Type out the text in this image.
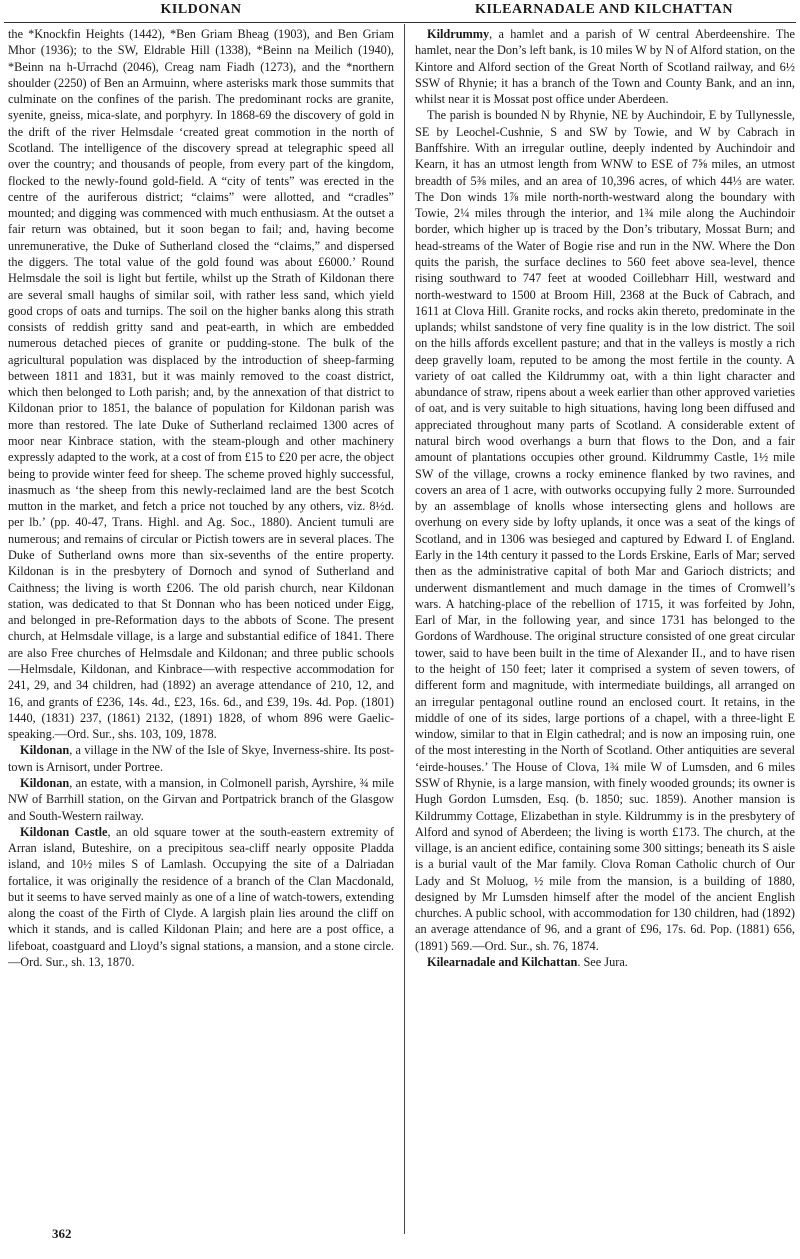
KILDONAN	KILEARNADALE AND KILCHATTAN

the *Knockfin Heights (1442), *Ben Griam Bheag (1903), and Ben Griam Mhor (1936); to the SW, Eldrable Hill (1338), *Beinn na Meilich (1940), *Beinn na h-Urrachd (2046), Creag nam Fiadh (1273), and the *northern shoulder (2250) of Ben an Armuinn, where asterisks mark those summits that culminate on the confines of the parish. The predominant rocks are granite, syenite, gneiss, mica-slate, and porphyry. In 1868-69 the discovery of gold in the drift of the river Helmsdale ‘created great commotion in the north of Scotland. The intelligence of the discovery spread at telegraphic speed all over the country; and thousands of people, from every part of the kingdom, flocked to the newly-found gold-field. A “city of tents” was erected in the centre of the auriferous district; “claims” were allotted, and “cradles” mounted; and digging was commenced with much enthusiasm. At the outset a fair return was obtained, but it soon began to fail; and, having become unremunerative, the Duke of Sutherland closed the “claims,” and dispersed the diggers. The total value of the gold found was about £6000.’ Round Helmsdale the soil is light but fertile, whilst up the Strath of Kildonan there are several small haughs of similar soil, with rather less sand, which yield good crops of oats and turnips. The soil on the higher banks along this strath consists of reddish gritty sand and peat-earth, in which are embedded numerous detached pieces of granite or pudding-stone. The bulk of the agricultural population was displaced by the introduction of sheep-farming between 1811 and 1831, but it was mainly removed to the coast district, which then belonged to Loth parish; and, by the annexation of that district to Kildonan prior to 1851, the balance of population for Kildonan parish was more than restored. The late Duke of Sutherland reclaimed 1300 acres of moor near Kinbrace station, with the steam-plough and other machinery expressly adapted to the work, at a cost of from £15 to £20 per acre, the object being to provide winter feed for sheep. The scheme proved highly successful, inasmuch as ‘the sheep from this newly-reclaimed land are the best Scotch mutton in the market, and fetch a price not touched by any others, viz. 8½d. per lb.’ (pp. 40-47, Trans. Highl. and Ag. Soc., 1880). Ancient tumuli are numerous; and remains of circular or Pictish towers are in several places. The Duke of Sutherland owns more than six-sevenths of the entire property. Kildonan is in the presbytery of Dornoch and synod of Sutherland and Caithness; the living is worth £206. The old parish church, near Kildonan station, was dedicated to that St Donnan who has been noticed under Eigg, and belonged in pre-Reformation days to the abbots of Scone. The present church, at Helmsdale village, is a large and substantial edifice of 1841. There are also Free churches of Helmsdale and Kildonan; and three public schools—Helmsdale, Kildonan, and Kinbrace—with respective accommodation for 241, 29, and 34 children, had (1892) an average attendance of 210, 12, and 16, and grants of £236, 14s. 4d., £23, 16s. 6d., and £39, 19s. 4d. Pop. (1801) 1440, (1831) 237, (1861) 2132, (1891) 1828, of whom 896 were Gaelic-speaking.—Ord. Sur., shs. 103, 109, 1878.

Kildonan, a village in the NW of the Isle of Skye, Inverness-shire. Its post-town is Arnisort, under Portree.

Kildonan, an estate, with a mansion, in Colmonell parish, Ayrshire, ¾ mile NW of Barrhill station, on the Girvan and Portpatrick branch of the Glasgow and South-Western railway.

Kildonan Castle, an old square tower at the south-eastern extremity of Arran island, Buteshire, on a precipitous sea-cliff nearly opposite Pladda island, and 10½ miles S of Lamlash. Occupying the site of a Dalriadan fortalice, it was originally the residence of a branch of the Clan Macdonald, but it seems to have served mainly as one of a line of watch-towers, extending along the coast of the Firth of Clyde. A largish plain lies around the cliff on which it stands, and is called Kildonan Plain; and here are a post office, a lifeboat, coastguard and Lloyd’s signal stations, a mansion, and a stone circle.—Ord. Sur., sh. 13, 1870.

Kildrummy, a hamlet and a parish of W central Aberdeenshire. The hamlet, near the Don’s left bank, is 10 miles W by N of Alford station, on the Kintore and Alford section of the Great North of Scotland railway, and 6½ SSW of Rhynie; it has a branch of the Town and County Bank, and an inn, whilst near it is Mossat post office under Aberdeen.

The parish is bounded N by Rhynie, NE by Auchindoir, E by Tullynessle, SE by Leochel-Cushnie, S and SW by Towie, and W by Cabrach in Banffshire. With an irregular outline, deeply indented by Auchindoir and Kearn, it has an utmost length from WNW to ESE of 7⅝ miles, an utmost breadth of 5⅜ miles, and an area of 10,396 acres, of which 44⅓ are water. The Don winds 1⅞ mile north-north-westward along the boundary with Towie, 2¼ miles through the interior, and 1¾ mile along the Auchindoir border, which higher up is traced by the Don’s tributary, Mossat Burn; and head-streams of the Water of Bogie rise and run in the NW. Where the Don quits the parish, the surface declines to 560 feet above sea-level, thence rising southward to 747 feet at wooded Coillebharr Hill, westward and north-westward to 1500 at Broom Hill, 2368 at the Buck of Cabrach, and 1611 at Clova Hill. Granite rocks, and rocks akin thereto, predominate in the uplands; whilst sandstone of very fine quality is in the low district. The soil on the hills affords excellent pasture; and that in the valleys is mostly a rich deep gravelly loam, reputed to be among the most fertile in the county. A variety of oat called the Kildrummy oat, with a thin light character and abundance of straw, ripens about a week earlier than other approved varieties of oat, and is very suitable to high situations, having long been diffused and appreciated throughout many parts of Scotland. A considerable extent of natural birch wood overhangs a burn that flows to the Don, and a fair amount of plantations occupies other ground. Kildrummy Castle, 1½ mile SW of the village, crowns a rocky eminence flanked by two ravines, and covers an area of 1 acre, with outworks occupying fully 2 more. Surrounded by an assemblage of knolls whose intersecting glens and hollows are overhung on every side by lofty uplands, it once was a seat of the kings of Scotland, and in 1306 was besieged and captured by Edward I. of England. Early in the 14th century it passed to the Lords Erskine, Earls of Mar; served then as the administrative capital of both Mar and Garioch districts; and underwent dismantlement and much damage in the times of Cromwell’s wars. A hatching-place of the rebellion of 1715, it was forfeited by John, Earl of Mar, in the following year, and since 1731 has belonged to the Gordons of Wardhouse. The original structure consisted of one great circular tower, said to have been built in the time of Alexander II., and to have risen to the height of 150 feet; later it comprised a system of seven towers, of different form and magnitude, with intermediate buildings, all arranged on an irregular pentagonal outline round an enclosed court. It retains, in the middle of one of its sides, large portions of a chapel, with a three-light E window, similar to that in Elgin cathedral; and is now an imposing ruin, one of the most interesting in the North of Scotland. Other antiquities are several ‘eirde-houses.’ The House of Clova, 1¾ mile W of Lumsden, and 6 miles SSW of Rhynie, is a large mansion, with finely wooded grounds; its owner is Hugh Gordon Lumsden, Esq. (b. 1850; suc. 1859). Another mansion is Kildrummy Cottage, Elizabethan in style. Kildrummy is in the presbytery of Alford and synod of Aberdeen; the living is worth £173. The church, at the village, is an ancient edifice, containing some 300 sittings; beneath its S aisle is a burial vault of the Mar family. Clova Roman Catholic church of Our Lady and St Moluog, ½ mile from the mansion, is a building of 1880, designed by Mr Lumsden himself after the model of the ancient English churches. A public school, with accommodation for 130 children, had (1892) an average attendance of 96, and a grant of £96, 17s. 6d. Pop. (1881) 656, (1891) 569.—Ord. Sur., sh. 76, 1874.

Kilearnadale and Kilchattan. See Jura.

362
